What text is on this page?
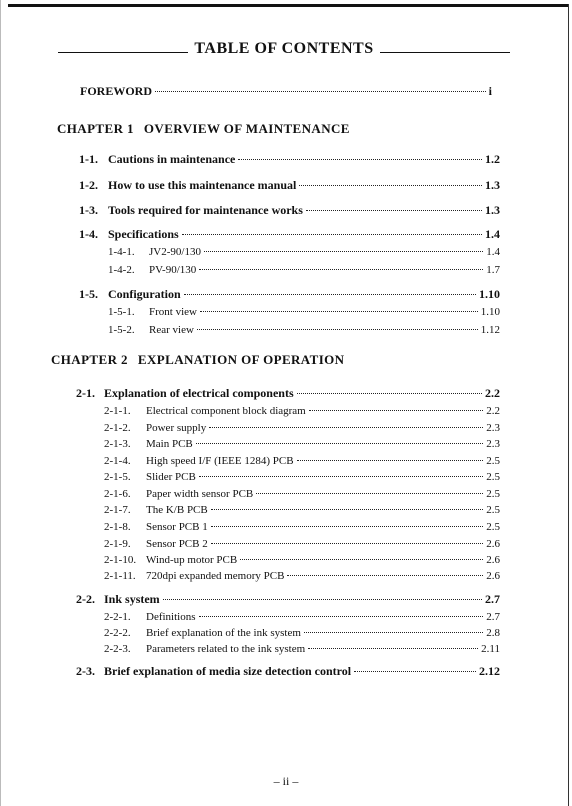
TABLE OF CONTENTS
FOREWORD	i
CHAPTER 1 OVERVIEW OF MAINTENANCE
1-1. Cautions in maintenance	1.2
1-2. How to use this maintenance manual	1.3
1-3. Tools required for maintenance works	1.3
1-4. Specifications	1.4
1-4-1.	JV2-90/130	1.4
1-4-2.	PV-90/130	1.7
1-5. Configuration	1.10
1-5-1.	Front view	1.10
1-5-2.	Rear view	1.12
CHAPTER 2 EXPLANATION OF OPERATION
2-1. Explanation of electrical components	2.2
2-1-1.	Electrical component block diagram	2.2
2-1-2.	Power supply	2.3
2-1-3.	Main PCB	2.3
2-1-4.	High speed I/F (IEEE 1284) PCB	2.5
2-1-5.	Slider PCB	2.5
2-1-6.	Paper width sensor PCB	2.5
2-1-7.	The K/B PCB	2.5
2-1-8.	Sensor PCB 1	2.5
2-1-9.	Sensor PCB 2	2.6
2-1-10. Wind-up motor PCB	2.6
2-1-11. 720dpi expanded memory PCB	2.6
2-2. Ink system	2.7
2-2-1.	Definitions	2.7
2-2-2.	Brief explanation of the ink system	2.8
2-2-3.	Parameters related to the ink system	2.11
2-3. Brief explanation of media size detection control	2.12
– ii –
